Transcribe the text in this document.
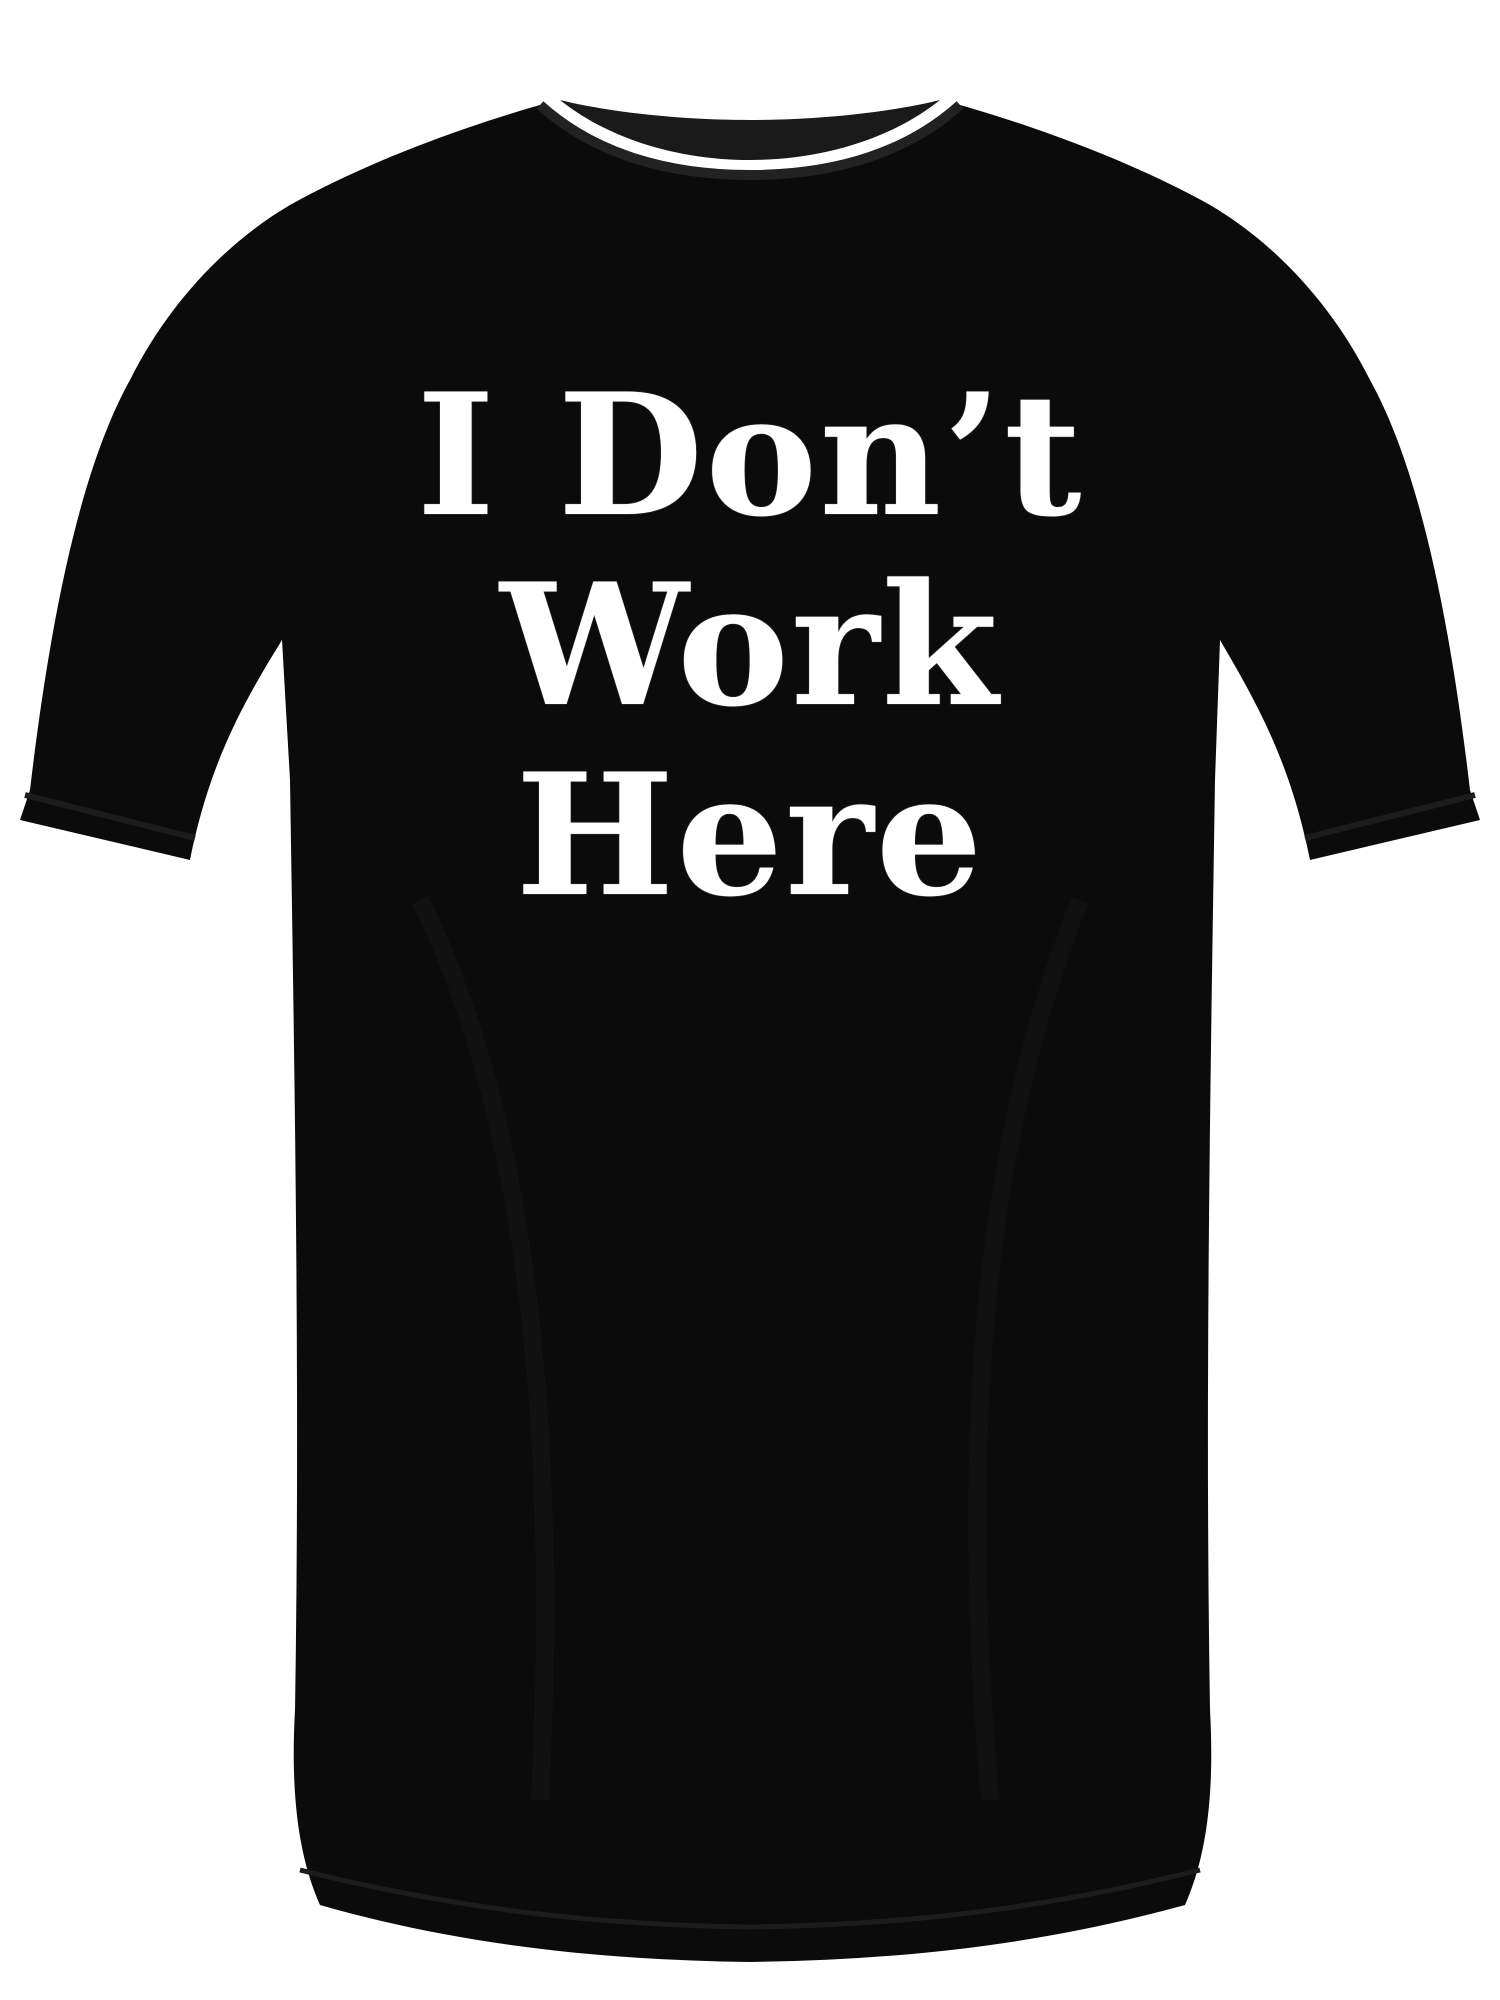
I Don’t
Work
Here
